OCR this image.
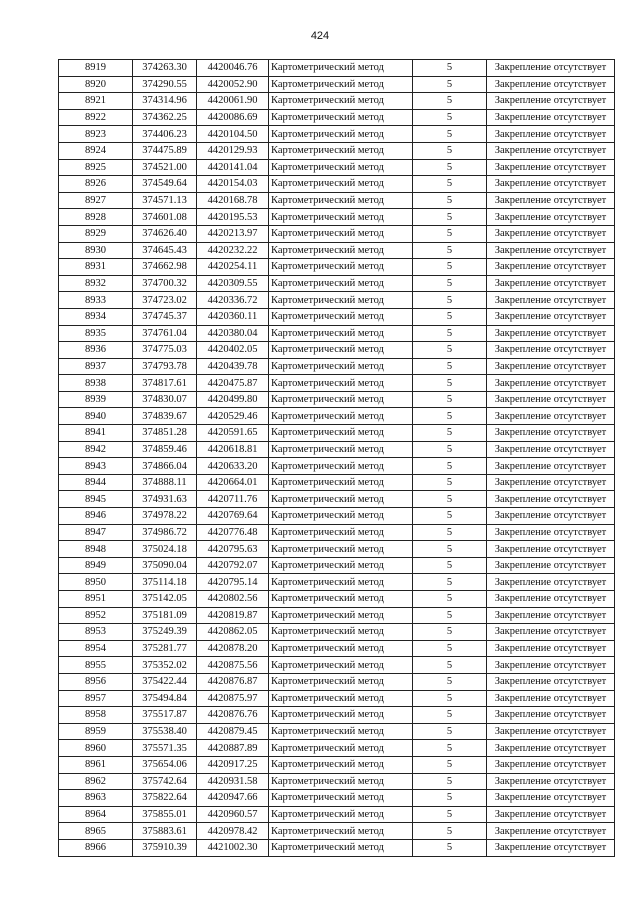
424
8919	374263.30	4420046.76	Картометрический метод	5	Закрепление отсутствует
8920	374290.55	4420052.90	Картометрический метод	5	Закрепление отсутствует
8921	374314.96	4420061.90	Картометрический метод	5	Закрепление отсутствует
8922	374362.25	4420086.69	Картометрический метод	5	Закрепление отсутствует
8923	374406.23	4420104.50	Картометрический метод	5	Закрепление отсутствует
8924	374475.89	4420129.93	Картометрический метод	5	Закрепление отсутствует
8925	374521.00	4420141.04	Картометрический метод	5	Закрепление отсутствует
8926	374549.64	4420154.03	Картометрический метод	5	Закрепление отсутствует
8927	374571.13	4420168.78	Картометрический метод	5	Закрепление отсутствует
8928	374601.08	4420195.53	Картометрический метод	5	Закрепление отсутствует
8929	374626.40	4420213.97	Картометрический метод	5	Закрепление отсутствует
8930	374645.43	4420232.22	Картометрический метод	5	Закрепление отсутствует
8931	374662.98	4420254.11	Картометрический метод	5	Закрепление отсутствует
8932	374700.32	4420309.55	Картометрический метод	5	Закрепление отсутствует
8933	374723.02	4420336.72	Картометрический метод	5	Закрепление отсутствует
8934	374745.37	4420360.11	Картометрический метод	5	Закрепление отсутствует
8935	374761.04	4420380.04	Картометрический метод	5	Закрепление отсутствует
8936	374775.03	4420402.05	Картометрический метод	5	Закрепление отсутствует
8937	374793.78	4420439.78	Картометрический метод	5	Закрепление отсутствует
8938	374817.61	4420475.87	Картометрический метод	5	Закрепление отсутствует
8939	374830.07	4420499.80	Картометрический метод	5	Закрепление отсутствует
8940	374839.67	4420529.46	Картометрический метод	5	Закрепление отсутствует
8941	374851.28	4420591.65	Картометрический метод	5	Закрепление отсутствует
8942	374859.46	4420618.81	Картометрический метод	5	Закрепление отсутствует
8943	374866.04	4420633.20	Картометрический метод	5	Закрепление отсутствует
8944	374888.11	4420664.01	Картометрический метод	5	Закрепление отсутствует
8945	374931.63	4420711.76	Картометрический метод	5	Закрепление отсутствует
8946	374978.22	4420769.64	Картометрический метод	5	Закрепление отсутствует
8947	374986.72	4420776.48	Картометрический метод	5	Закрепление отсутствует
8948	375024.18	4420795.63	Картометрический метод	5	Закрепление отсутствует
8949	375090.04	4420792.07	Картометрический метод	5	Закрепление отсутствует
8950	375114.18	4420795.14	Картометрический метод	5	Закрепление отсутствует
8951	375142.05	4420802.56	Картометрический метод	5	Закрепление отсутствует
8952	375181.09	4420819.87	Картометрический метод	5	Закрепление отсутствует
8953	375249.39	4420862.05	Картометрический метод	5	Закрепление отсутствует
8954	375281.77	4420878.20	Картометрический метод	5	Закрепление отсутствует
8955	375352.02	4420875.56	Картометрический метод	5	Закрепление отсутствует
8956	375422.44	4420876.87	Картометрический метод	5	Закрепление отсутствует
8957	375494.84	4420875.97	Картометрический метод	5	Закрепление отсутствует
8958	375517.87	4420876.76	Картометрический метод	5	Закрепление отсутствует
8959	375538.40	4420879.45	Картометрический метод	5	Закрепление отсутствует
8960	375571.35	4420887.89	Картометрический метод	5	Закрепление отсутствует
8961	375654.06	4420917.25	Картометрический метод	5	Закрепление отсутствует
8962	375742.64	4420931.58	Картометрический метод	5	Закрепление отсутствует
8963	375822.64	4420947.66	Картометрический метод	5	Закрепление отсутствует
8964	375855.01	4420960.57	Картометрический метод	5	Закрепление отсутствует
8965	375883.61	4420978.42	Картометрический метод	5	Закрепление отсутствует
8966	375910.39	4421002.30	Картометрический метод	5	Закрепление отсутствует
